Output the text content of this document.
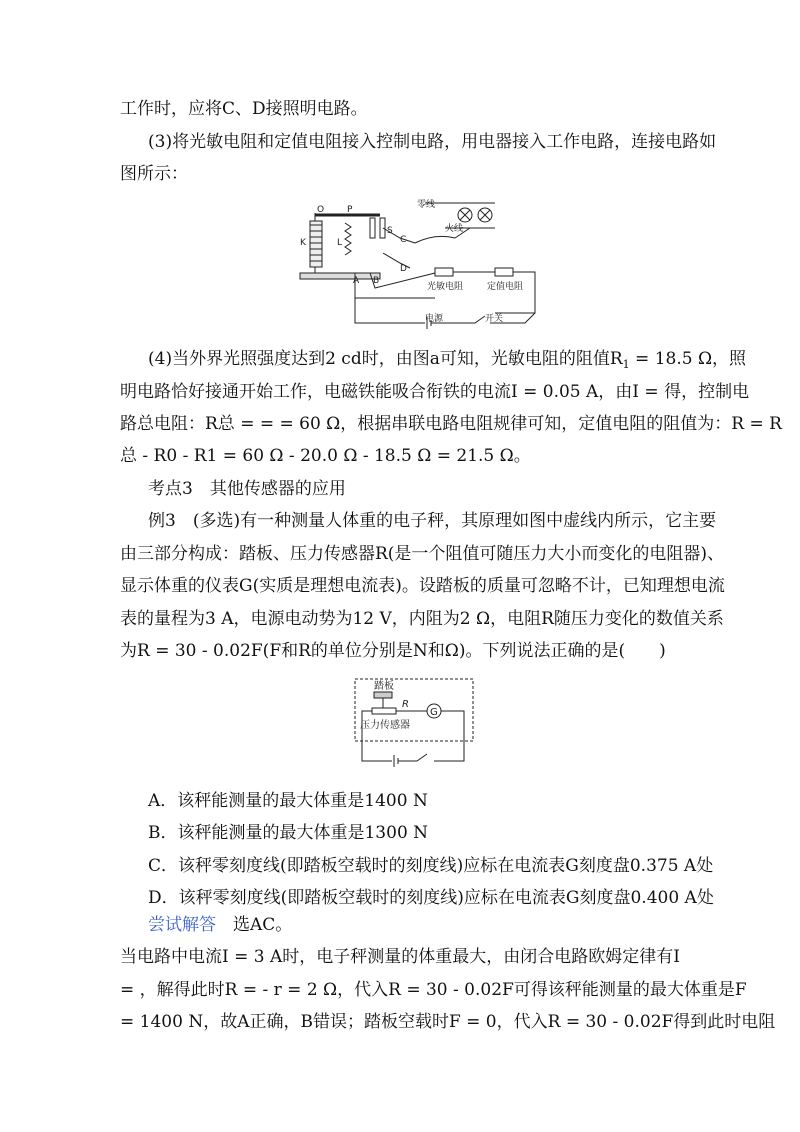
工作时，应将C、D接照明电路。
(3)将光敏电阻和定值电阻接入控制电路，用电器接入工作电路，连接电路如
图所示：
O	P
K	L
S
C
D
A B
零线
火线
光敏电阻	定值电阻
电源	开关
(4)当外界光照强度达到2 cd时，由图a可知，光敏电阻的阻值$R_1 = 18.5$ Ω，照
明电路恰好接通开始工作，电磁铁能吸合衔铁的电流I = 0.05 A，由I = 得，控制电
路总电阻：R总 = = = 60 Ω，根据串联电路电阻规律可知，定值电阻的阻值为：R = R
总 - R0 - R1 = 60 Ω - 20.0 Ω - 18.5 Ω = 21.5 Ω。
考点3　其他传感器的应用
例3　(多选)有一种测量人体重的电子秤，其原理如图中虚线内所示，它主要
由三部分构成：踏板、压力传感器R(是一个阻值可随压力大小而变化的电阻器)、
显示体重的仪表G(实质是理想电流表)。设踏板的质量可忽略不计，已知理想电流
表的量程为3 A，电源电动势为12 V，内阻为2 Ω，电阻R随压力变化的数值关系
为R = 30 - 0.02F(F和R的单位分别是N和Ω)。下列说法正确的是(　　)
踏板
R
G
压力传感器
A．该秤能测量的最大体重是1400 N
B．该秤能测量的最大体重是1300 N
C．该秤零刻度线(即踏板空载时的刻度线)应标在电流表G刻度盘0.375 A处
D．该秤零刻度线(即踏板空载时的刻度线)应标在电流表G刻度盘0.400 A处
尝试解答　选AC。
当电路中电流I = 3 A时，电子秤测量的体重最大，由闭合电路欧姆定律有I
= ，解得此时R = - r = 2 Ω，代入R = 30 - 0.02F可得该秤能测量的最大体重是F
= 1400 N，故A正确，B错误；踏板空载时F = 0，代入R = 30 - 0.02F得到此时电阻
